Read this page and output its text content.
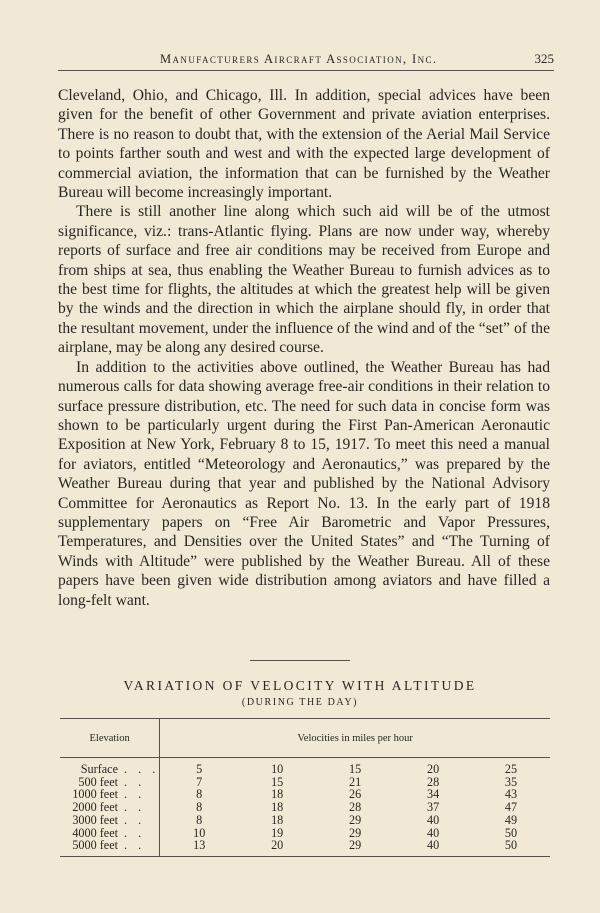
Manufacturers Aircraft Association, Inc.	325

Cleveland, Ohio, and Chicago, Ill. In addition, special advices have been given for the benefit of other Government and private aviation enterprises. There is no reason to doubt that, with the extension of the Aerial Mail Service to points farther south and west and with the expected large development of commercial aviation, the information that can be furnished by the Weather Bureau will become increasingly important.

There is still another line along which such aid will be of the utmost significance, viz.: trans-Atlantic flying. Plans are now under way, whereby reports of surface and free air conditions may be received from Europe and from ships at sea, thus enabling the Weather Bureau to furnish advices as to the best time for flights, the altitudes at which the greatest help will be given by the winds and the direction in which the airplane should fly, in order that the resultant movement, under the influence of the wind and of the “set” of the airplane, may be along any desired course.

In addition to the activities above outlined, the Weather Bureau has had numerous calls for data showing average free-air conditions in their relation to surface pressure distribution, etc. The need for such data in concise form was shown to be particularly urgent during the First Pan-American Aeronautic Exposition at New York, February 8 to 15, 1917. To meet this need a manual for aviators, entitled “Meteorology and Aeronautics,” was prepared by the Weather Bureau during that year and published by the National Advisory Committee for Aeronautics as Report No. 13. In the early part of 1918 supplementary papers on “Free Air Barometric and Vapor Pressures, Temperatures, and Densities over the United States” and “The Turning of Winds with Altitude” were published by the Weather Bureau. All of these papers have been given wide distribution among aviators and have filled a long-felt want.

VARIATION OF VELOCITY WITH ALTITUDE
(DURING THE DAY)
Elevation	Velocities in miles per hour				
Surface . . .	5	10	15	20	25
500 feet . .	7	15	21	28	35
1000 feet . .	8	18	26	34	43
2000 feet . .	8	18	28	37	47
3000 feet . .	8	18	29	40	49
4000 feet . .	10	19	29	40	50
5000 feet . .	13	20	29	40	50
